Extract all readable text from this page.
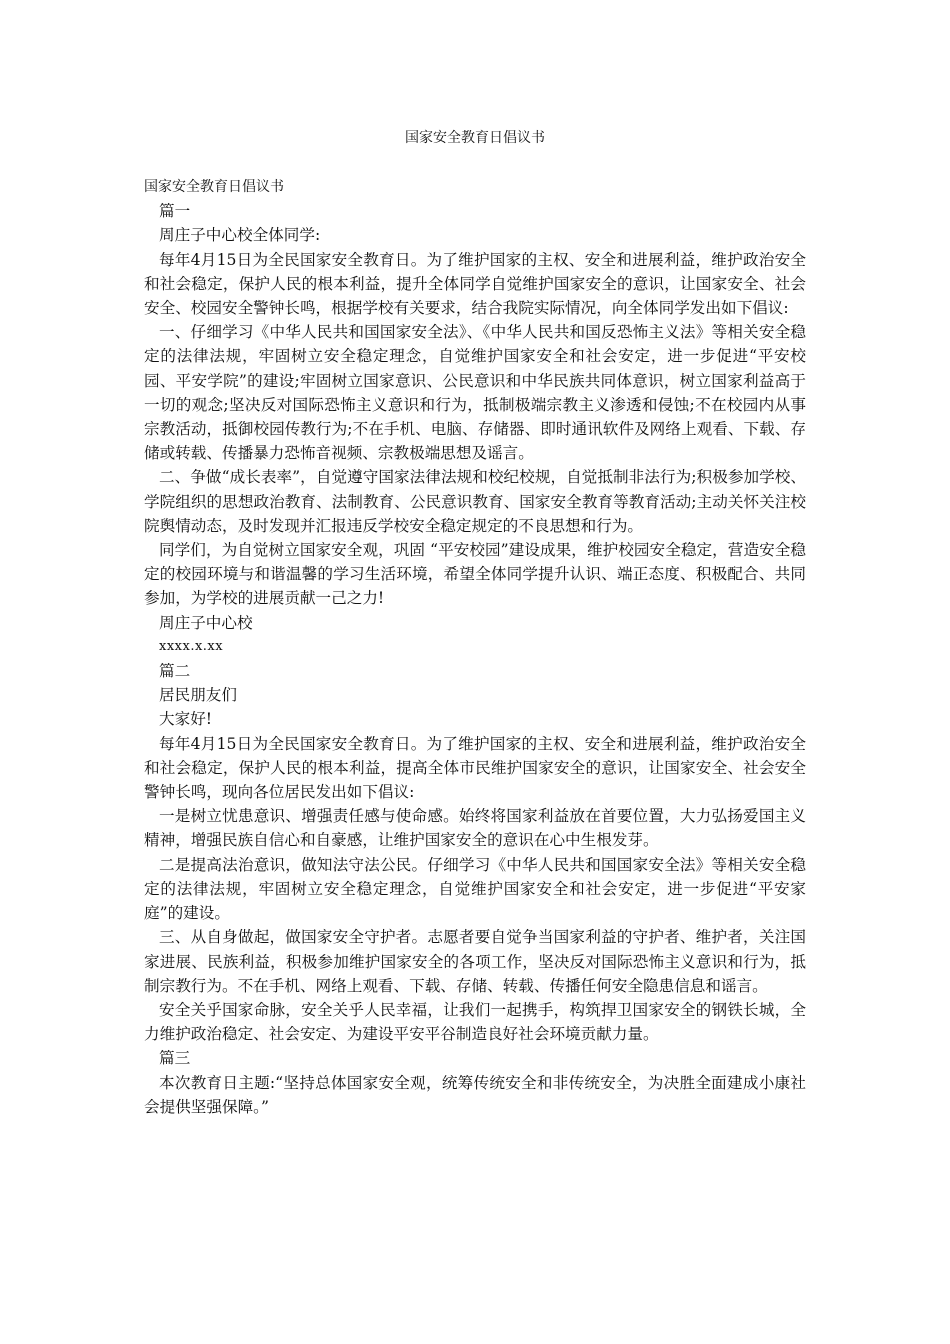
国家安全教育日倡议书

国家安全教育日倡议书

篇一

周庄子中心校全体同学:

每年4月15日为全民国家安全教育日。为了维护国家的主权、安全和进展利益，维护政治安全和社会稳定，保护人民的根本利益，提升全体同学自觉维护国家安全的意识，让国家安全、社会安全、校园安全警钟长鸣，根据学校有关要求，结合我院实际情况，向全体同学发出如下倡议:

一、仔细学习《中华人民共和国国家安全法》、《中华人民共和国反恐怖主义法》等相关安全稳定的法律法规，牢固树立安全稳定理念，自觉维护国家安全和社会安定，进一步促进“平安校园、平安学院”的建设;牢固树立国家意识、公民意识和中华民族共同体意识，树立国家利益高于一切的观念;坚决反对国际恐怖主义意识和行为，抵制极端宗教主义渗透和侵蚀;不在校园内从事宗教活动，抵御校园传教行为;不在手机、电脑、存储器、即时通讯软件及网络上观看、下载、存储或转载、传播暴力恐怖音视频、宗教极端思想及谣言。

二、争做“成长表率”，自觉遵守国家法律法规和校纪校规，自觉抵制非法行为;积极参加学校、学院组织的思想政治教育、法制教育、公民意识教育、国家安全教育等教育活动;主动关怀关注校院舆情动态，及时发现并汇报违反学校安全稳定规定的不良思想和行为。

同学们，为自觉树立国家安全观，巩固 “平安校园”建设成果，维护校园安全稳定，营造安全稳定的校园环境与和谐温馨的学习生活环境，希望全体同学提升认识、端正态度、积极配合、共同参加，为学校的进展贡献一己之力!

周庄子中心校

xxxx.x.xx

篇二

居民朋友们

大家好!

每年4月15日为全民国家安全教育日。为了维护国家的主权、安全和进展利益，维护政治安全和社会稳定，保护人民的根本利益，提高全体市民维护国家安全的意识，让国家安全、社会安全警钟长鸣，现向各位居民发出如下倡议:

一是树立忧患意识、增强责任感与使命感。始终将国家利益放在首要位置，大力弘扬爱国主义精神，增强民族自信心和自豪感，让维护国家安全的意识在心中生根发芽。

二是提高法治意识，做知法守法公民。仔细学习《中华人民共和国国家安全法》等相关安全稳定的法律法规，牢固树立安全稳定理念，自觉维护国家安全和社会安定，进一步促进“平安家庭”的建设。

三、从自身做起，做国家安全守护者。志愿者要自觉争当国家利益的守护者、维护者，关注国家进展、民族利益，积极参加维护国家安全的各项工作，坚决反对国际恐怖主义意识和行为，抵制宗教行为。不在手机、网络上观看、下载、存储、转载、传播任何安全隐患信息和谣言。

安全关乎国家命脉，安全关乎人民幸福，让我们一起携手，构筑捍卫国家安全的钢铁长城，全力维护政治稳定、社会安定、为建设平安平谷制造良好社会环境贡献力量。

篇三

本次教育日主题:“坚持总体国家安全观，统筹传统安全和非传统安全，为决胜全面建成小康社会提供坚强保障。”
